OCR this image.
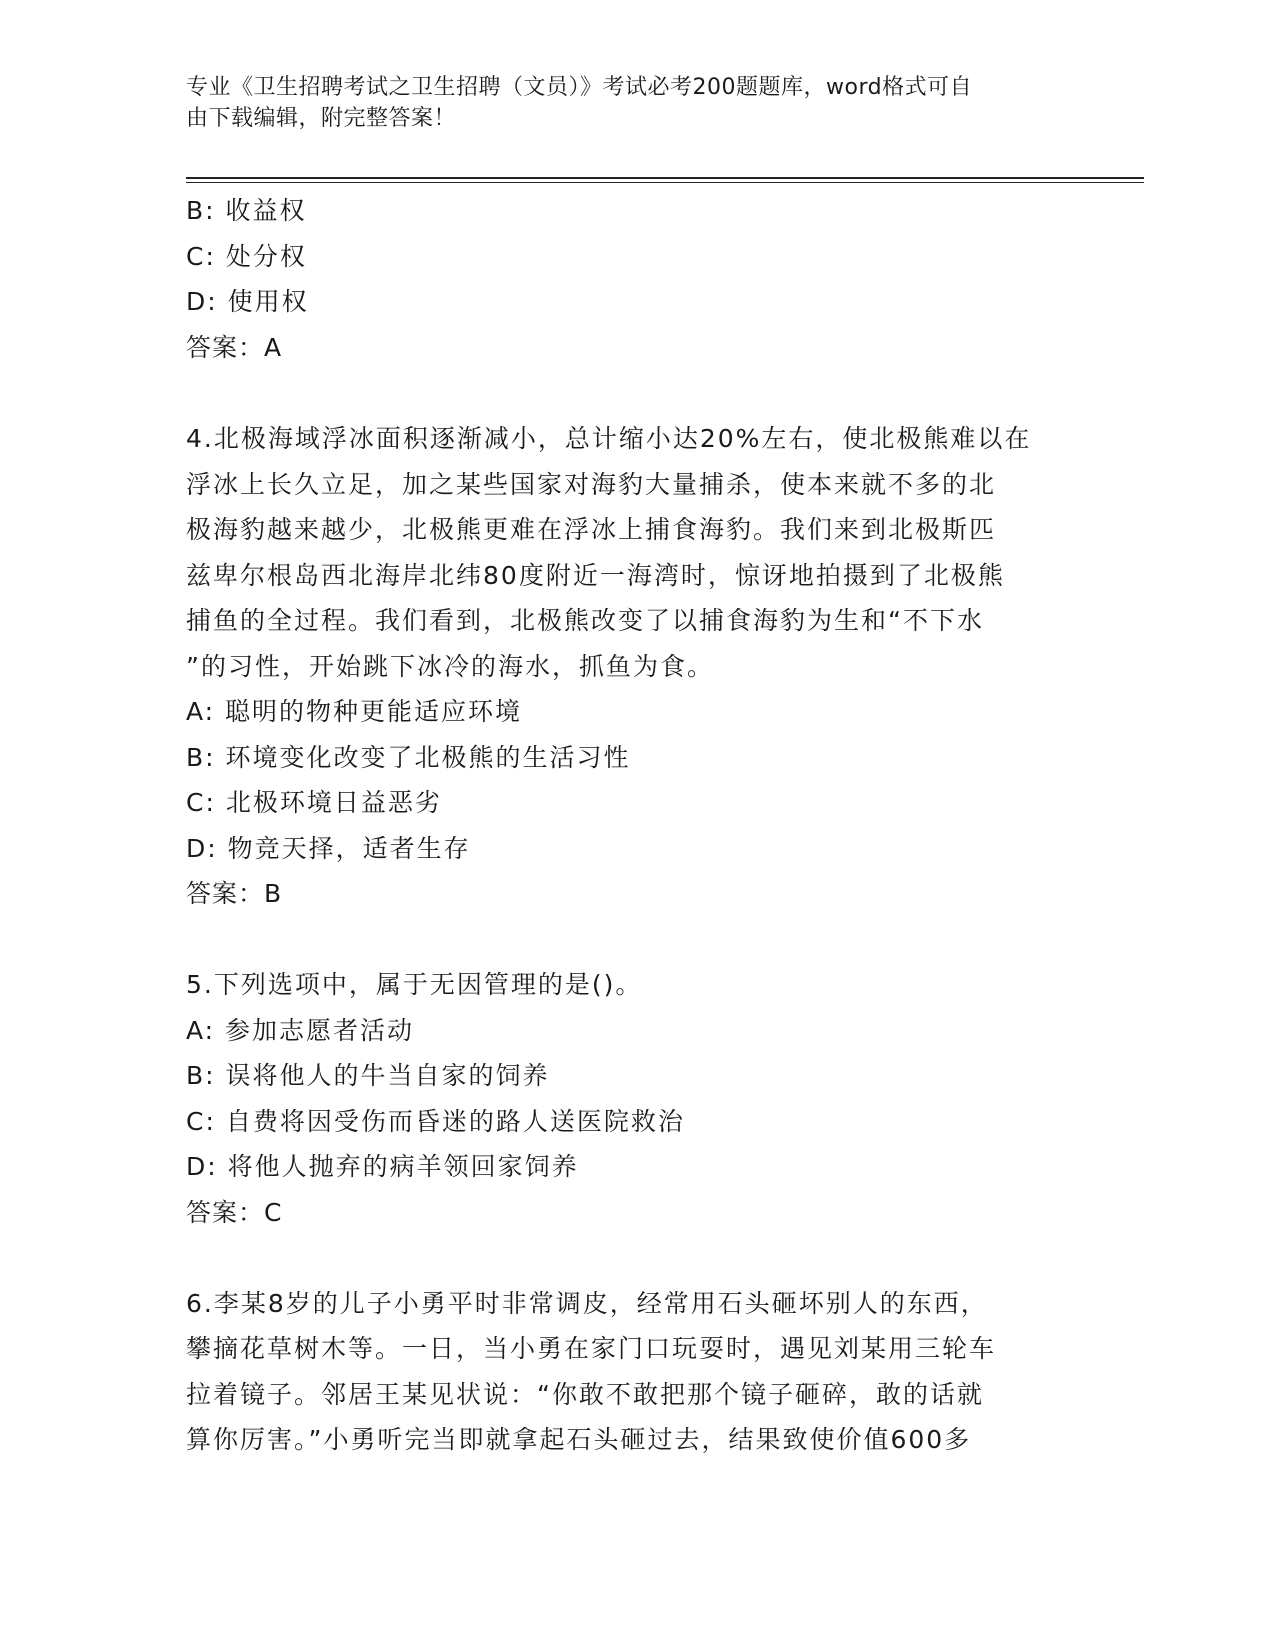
专业《卫生招聘考试之卫生招聘（文员）》考试必考200题题库，word格式可自
由下载编辑，附完整答案！
B: 收益权
C: 处分权
D: 使用权
答案：A
4.北极海域浮冰面积逐渐减小，总计缩小达20%左右，使北极熊难以在
浮冰上长久立足，加之某些国家对海豹大量捕杀，使本来就不多的北
极海豹越来越少，北极熊更难在浮冰上捕食海豹。我们来到北极斯匹
兹卑尔根岛西北海岸北纬80度附近一海湾时，惊讶地拍摄到了北极熊
捕鱼的全过程。我们看到，北极熊改变了以捕食海豹为生和“不下水
”的习性，开始跳下冰冷的海水，抓鱼为食。
A: 聪明的物种更能适应环境
B: 环境变化改变了北极熊的生活习性
C: 北极环境日益恶劣
D: 物竞天择，适者生存
答案：B
5.下列选项中，属于无因管理的是()。
A: 参加志愿者活动
B: 误将他人的牛当自家的饲养
C: 自费将因受伤而昏迷的路人送医院救治
D: 将他人抛弃的病羊领回家饲养
答案：C
6.李某8岁的儿子小勇平时非常调皮，经常用石头砸坏别人的东西，
攀摘花草树木等。一日，当小勇在家门口玩耍时，遇见刘某用三轮车
拉着镜子。邻居王某见状说：“你敢不敢把那个镜子砸碎，敢的话就
算你厉害。”小勇听完当即就拿起石头砸过去，结果致使价值600多
